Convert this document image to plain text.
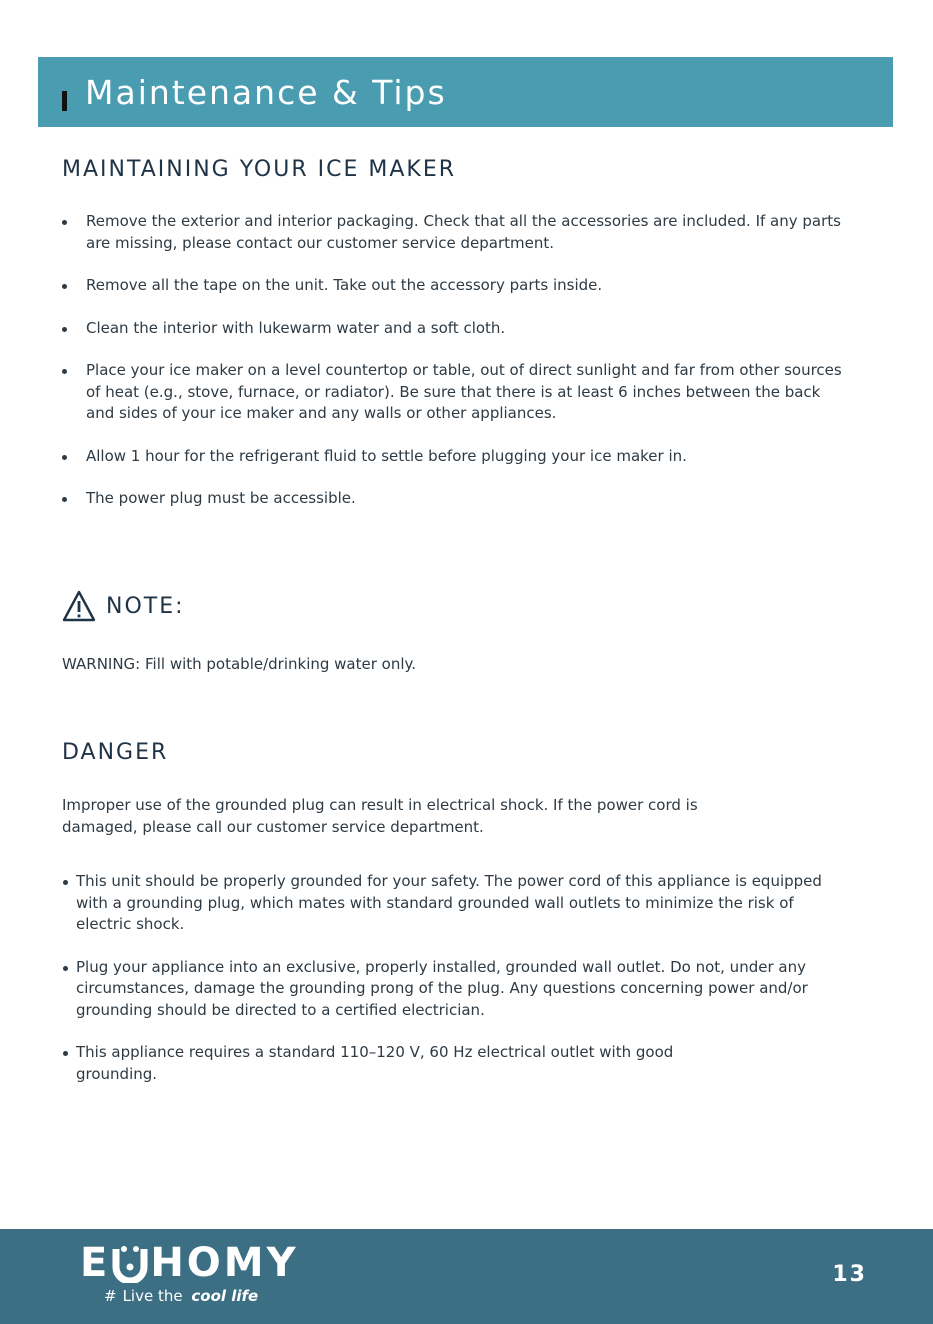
Maintenance & Tips
MAINTAINING YOUR ICE MAKER
Remove the exterior and interior packaging. Check that all the accessories are included. If any parts are missing, please contact our customer service department.
Remove all the tape on the unit. Take out the accessory parts inside.
Clean the interior with lukewarm water and a soft cloth.
Place your ice maker on a level countertop or table, out of direct sunlight and far from other sources of heat (e.g., stove, furnace, or radiator). Be sure that there is at least 6 inches between the back and sides of your ice maker and any walls or other appliances.
Allow 1 hour for the refrigerant fluid to settle before plugging your ice maker in.
The power plug must be accessible.
NOTE:

WARNING: Fill with potable/drinking water only.

DANGER

Improper use of the grounded plug can result in electrical shock. If the power cord is damaged, please call our customer service department.

This unit should be properly grounded for your safety. The power cord of this appliance is equipped with a grounding plug, which mates with standard grounded wall outlets to minimize the risk of electric shock.
Plug your appliance into an exclusive, properly installed, grounded wall outlet. Do not, under any circumstances, damage the grounding prong of the plug. Any questions concerning power and/or grounding should be directed to a certified electrician.
This appliance requires a standard 110–120 V, 60 Hz electrical outlet with good grounding.
E HOMY
# Live the cool life
13
